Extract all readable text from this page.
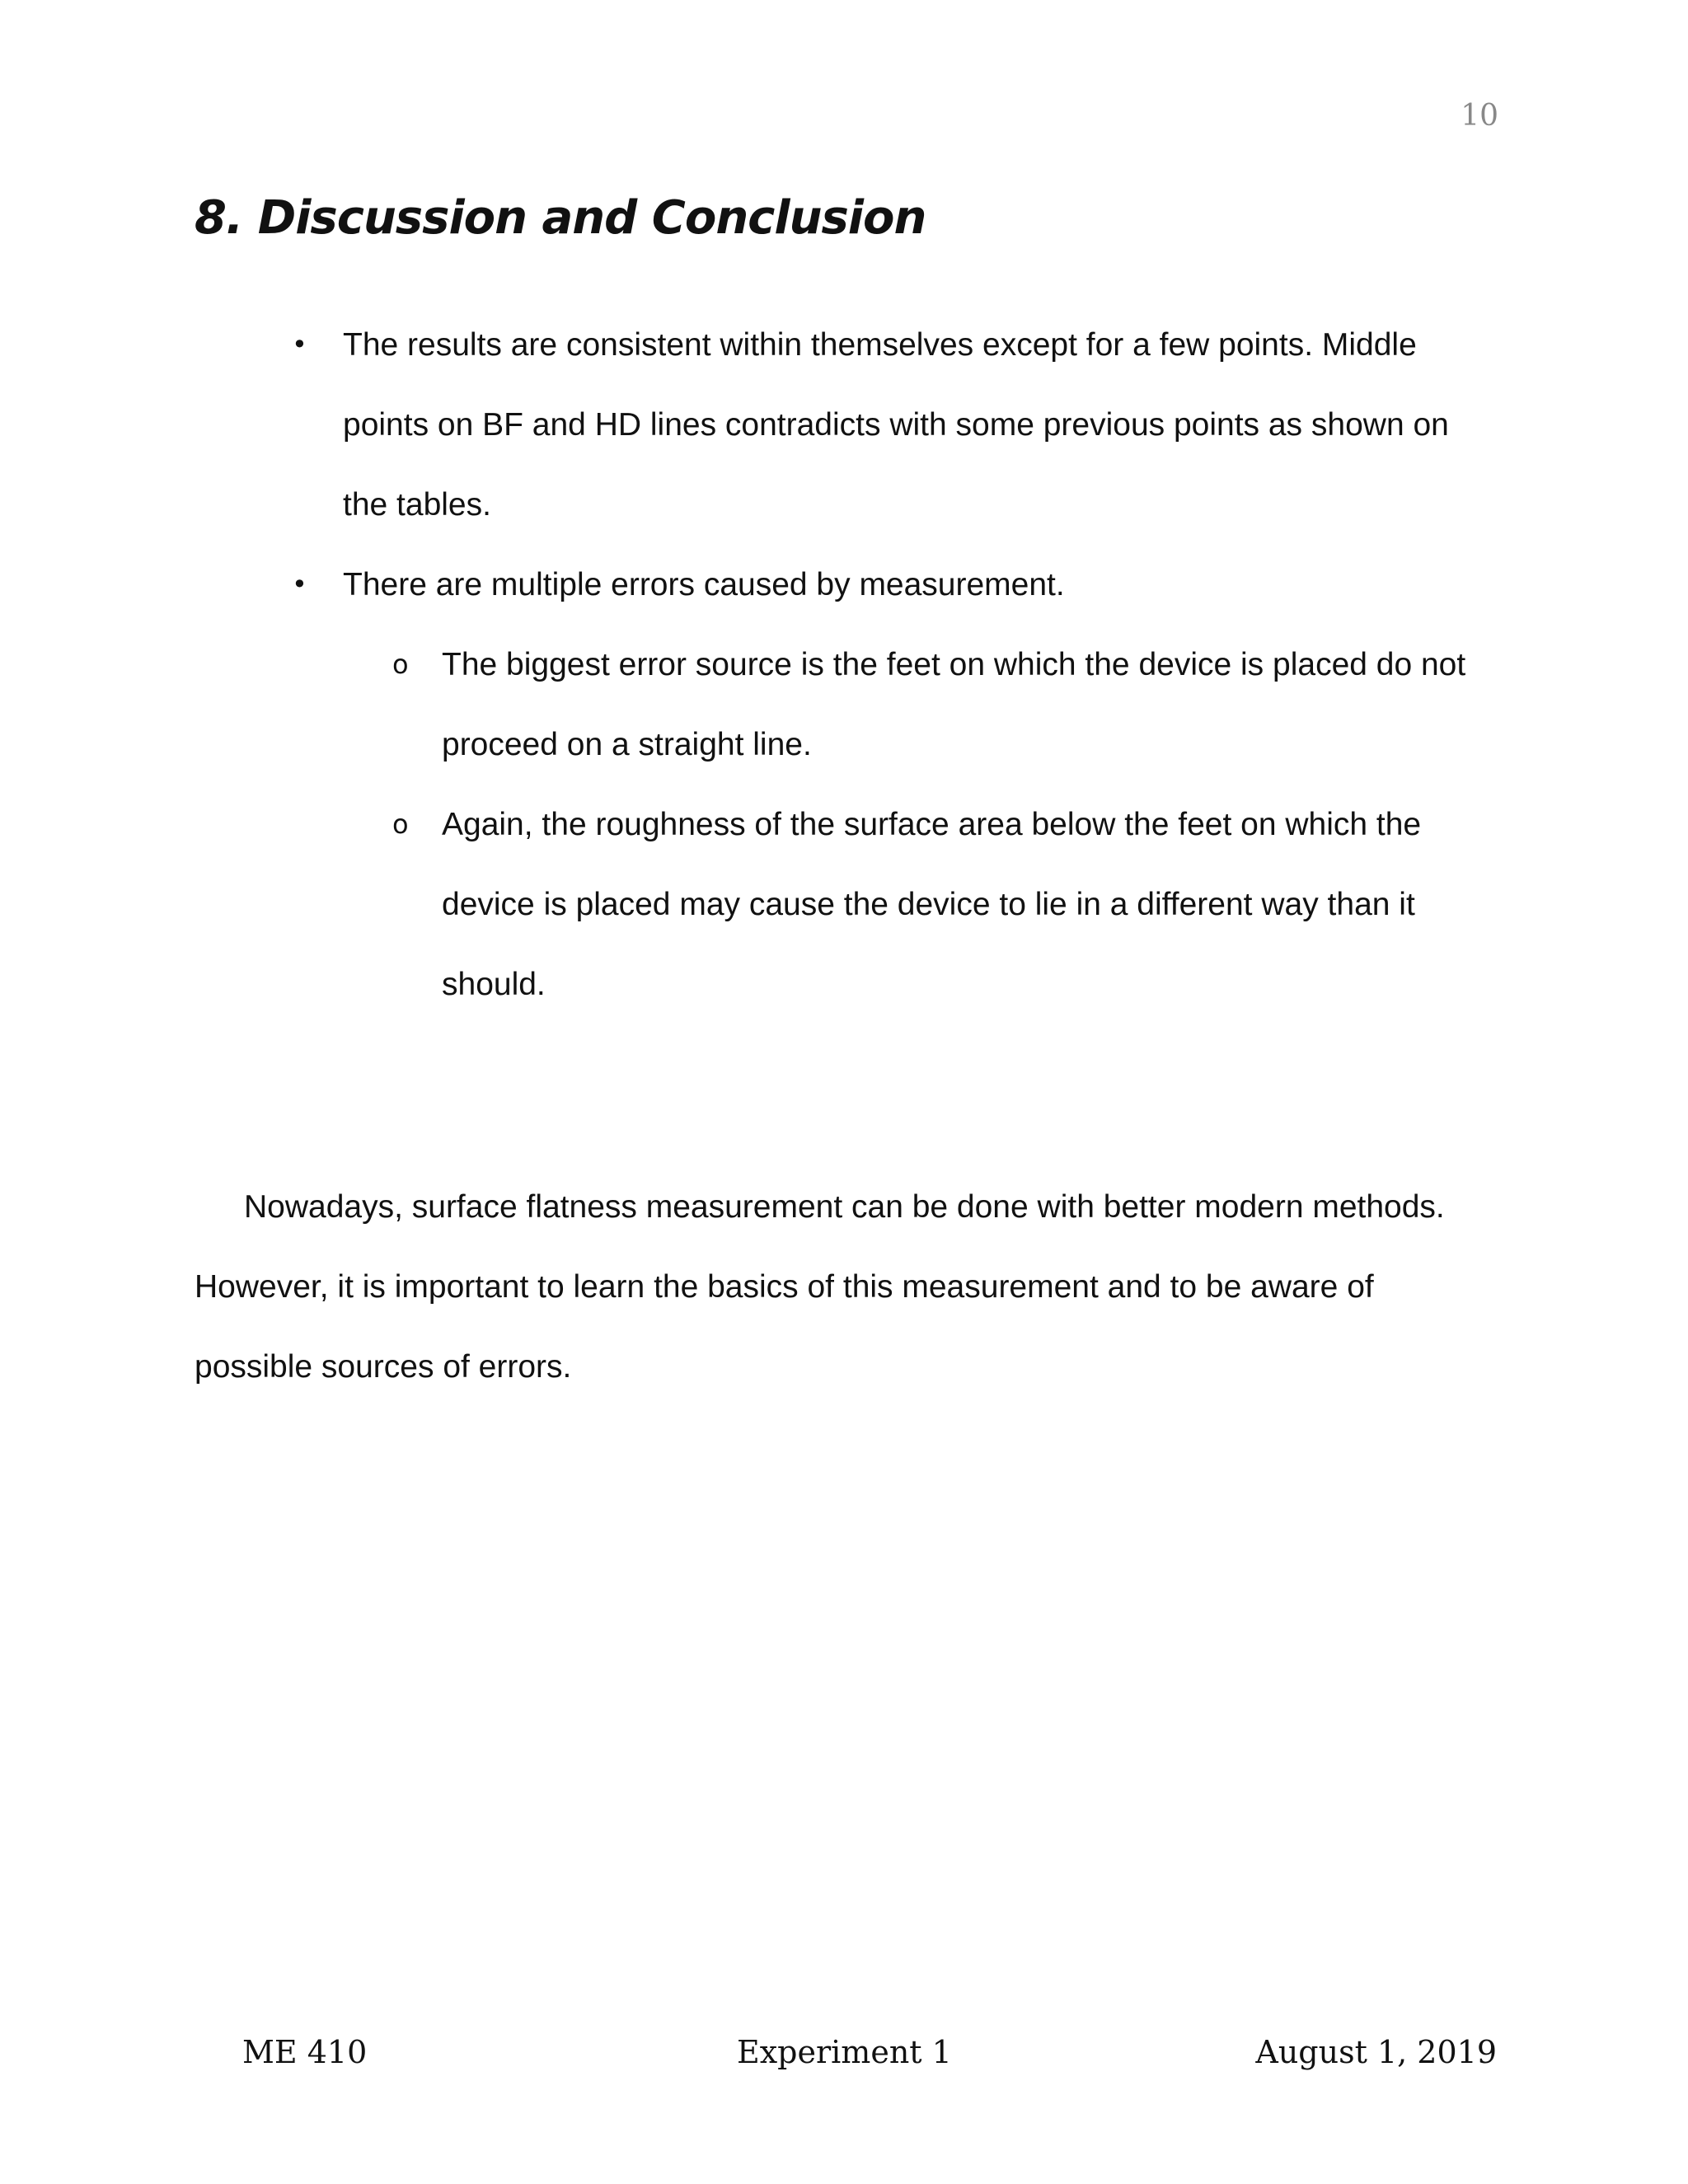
10
8. Discussion and Conclusion
• The results are consistent within themselves except for a few points. Middle points on BF and HD lines contradicts with some previous points as shown on the tables.
• There are multiple errors caused by measurement.
o The biggest error source is the feet on which the device is placed do not proceed on a straight line.
o Again, the roughness of the surface area below the feet on which the device is placed may cause the device to lie in a different way than it should.

Nowadays, surface flatness measurement can be done with better modern methods. However, it is important to learn the basics of this measurement and to be aware of possible sources of errors.

ME 410	Experiment 1	August 1, 2019
